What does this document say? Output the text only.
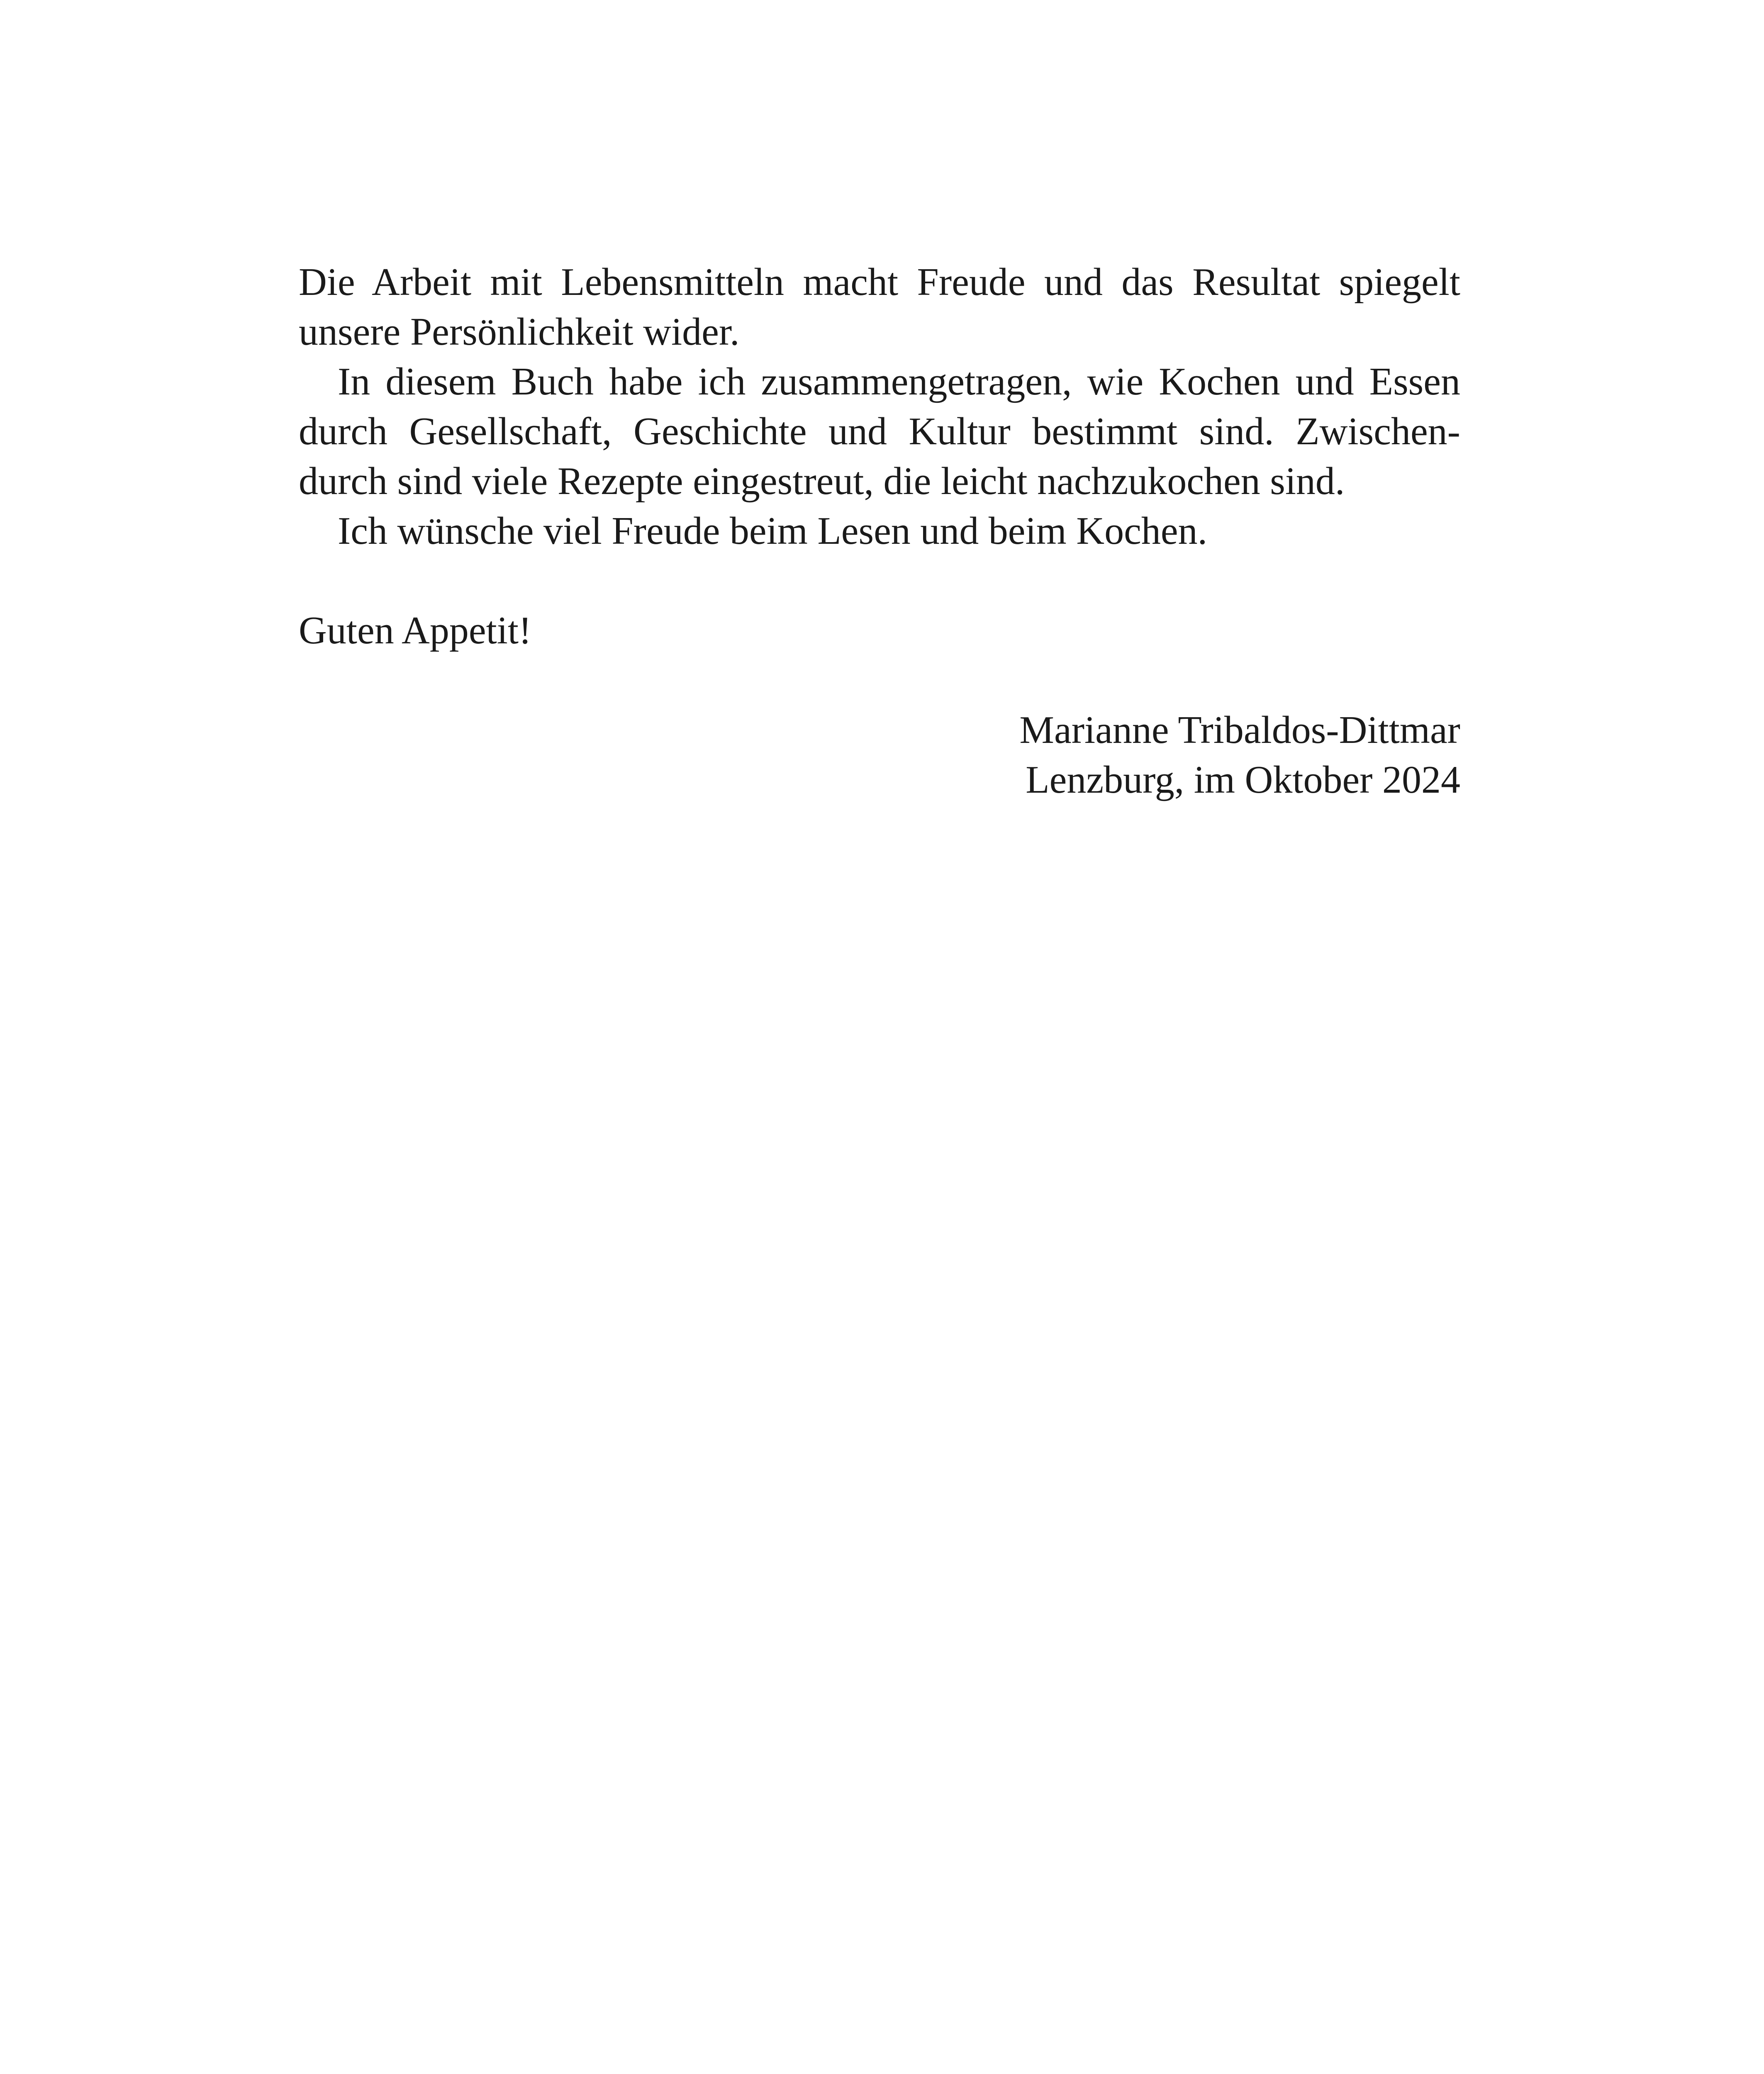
Die Arbeit mit Lebensmitteln macht Freude und das Resultat spiegelt
unsere Persönlichkeit wider.

In diesem Buch habe ich zusammengetragen, wie Kochen und Essen
durch Gesellschaft, Geschichte und Kultur bestimmt sind. Zwischen-
durch sind viele Rezepte eingestreut, die leicht nachzukochen sind.

Ich wünsche viel Freude beim Lesen und beim Kochen.

Guten Appetit!

Marianne Tribaldos-Dittmar
Lenzburg, im Oktober 2024
